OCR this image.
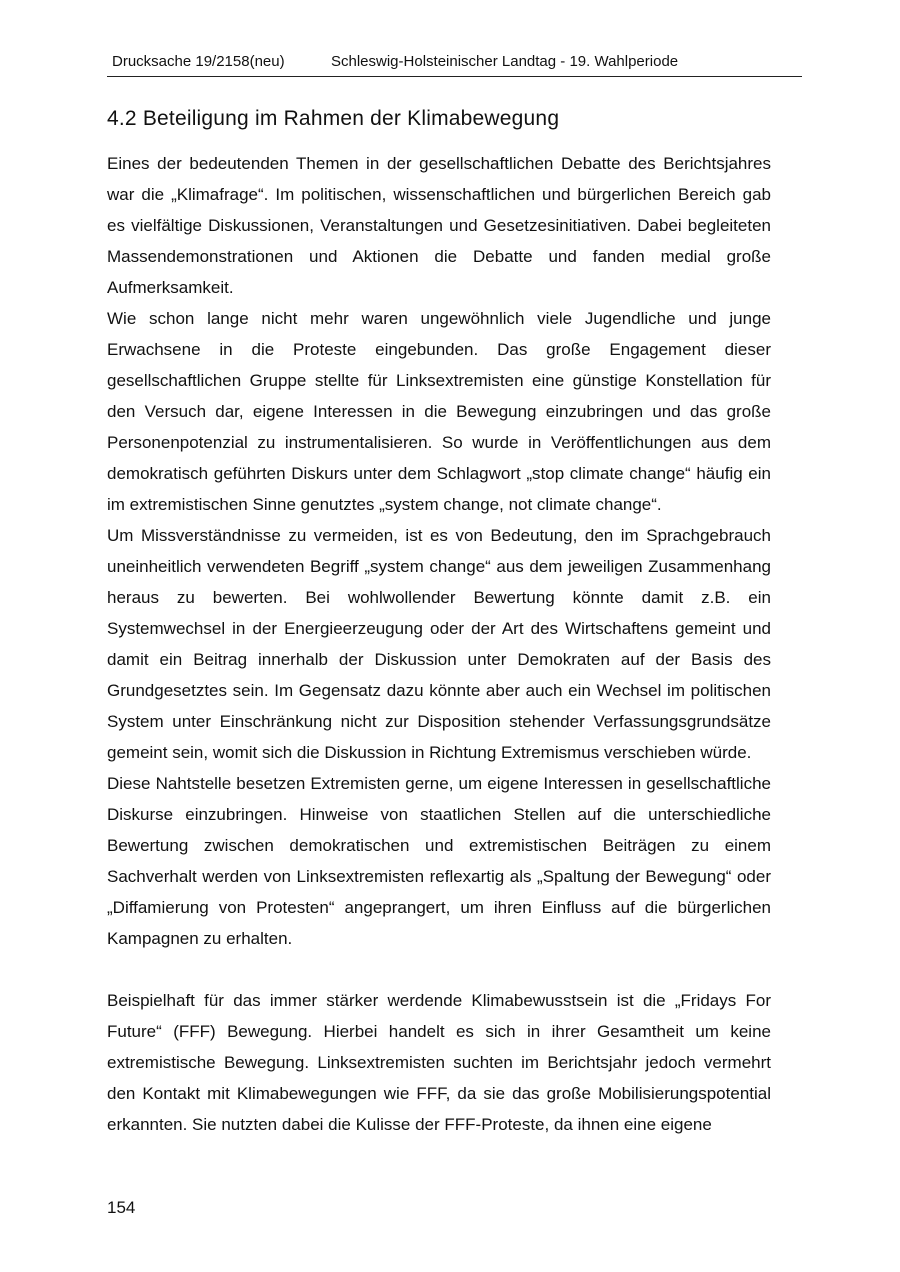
Drucksache 19/2158(neu)	Schleswig-Holsteinischer Landtag - 19. Wahlperiode
4.2 Beteiligung im Rahmen der Klimabewegung

Eines der bedeutenden Themen in der gesellschaftlichen Debatte des Berichtsjahres war die „Klimafrage“. Im politischen, wissenschaftlichen und bürgerlichen Bereich gab es vielfältige Diskussionen, Veranstaltungen und Gesetzesinitiativen. Dabei begleiteten Massendemonstrationen und Aktionen die Debatte und fanden medial große Aufmerksamkeit.

Wie schon lange nicht mehr waren ungewöhnlich viele Jugendliche und junge Erwachsene in die Proteste eingebunden. Das große Engagement dieser gesellschaftlichen Gruppe stellte für Linksextremisten eine günstige Konstellation für den Versuch dar, eigene Interessen in die Bewegung einzubringen und das große Personenpotenzial zu instrumentalisieren. So wurde in Veröffentlichungen aus dem demokratisch geführten Diskurs unter dem Schlagwort „stop climate change“ häufig ein im extremistischen Sinne genutztes „system change, not climate change“.

Um Missverständnisse zu vermeiden, ist es von Bedeutung, den im Sprachgebrauch uneinheitlich verwendeten Begriff „system change“ aus dem jeweiligen Zusammenhang heraus zu bewerten. Bei wohlwollender Bewertung könnte damit z.B. ein Systemwechsel in der Energieerzeugung oder der Art des Wirtschaftens gemeint und damit ein Beitrag innerhalb der Diskussion unter Demokraten auf der Basis des Grundgesetztes sein. Im Gegensatz dazu könnte aber auch ein Wechsel im politischen System unter Einschränkung nicht zur Disposition stehender Verfassungsgrundsätze gemeint sein, womit sich die Diskussion in Richtung Extremismus verschieben würde.

Diese Nahtstelle besetzen Extremisten gerne, um eigene Interessen in gesellschaftliche Diskurse einzubringen. Hinweise von staatlichen Stellen auf die unterschiedliche Bewertung zwischen demokratischen und extremistischen Beiträgen zu einem Sachverhalt werden von Linksextremisten reflexartig als „Spaltung der Bewegung“ oder „Diffamierung von Protesten“ angeprangert, um ihren Einfluss auf die bürgerlichen Kampagnen zu erhalten.

Beispielhaft für das immer stärker werdende Klimabewusstsein ist die „Fridays For Future“ (FFF) Bewegung. Hierbei handelt es sich in ihrer Gesamtheit um keine extremistische Bewegung. Linksextremisten suchten im Berichtsjahr jedoch vermehrt den Kontakt mit Klimabewegungen wie FFF, da sie das große Mobilisierungspotential erkannten. Sie nutzten dabei die Kulisse der FFF-Proteste, da ihnen eine eigene

154
